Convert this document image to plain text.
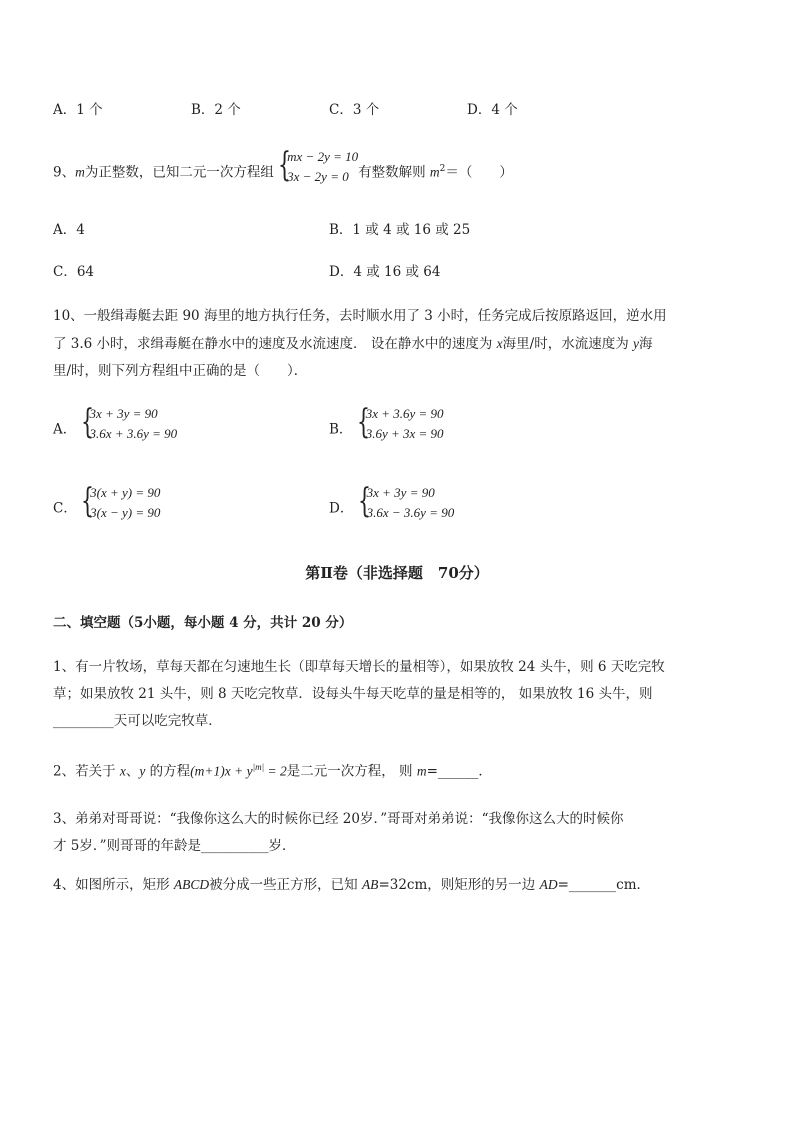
A．1 个	B．2 个	C．3 个	D．4 个
9、m为正整数，已知二元一次方程组 {
mx − 2y = 10
3x − 2y = 0 有整数解则 $m^2=$（　　）
A．4	B．1 或 4 或 16 或 25
C．64	D．4 或 16 或 64
10、一般缉毒艇去距 90 海里的地方执行任务，去时顺水用了 3 小时，任务完成后按原路返回，逆水用
了 3.6 小时，求缉毒艇在静水中的速度及水流速度． 设在静水中的速度为 x海里/时，水流速度为 y海
里/时，则下列方程组中正确的是（　　）．
A． {
3x + 3y = 90
3.6x + 3.6y = 90	B． {
3x + 3.6y = 90
3.6y + 3x = 90
C． {
3(x + y) = 90
3(x − y) = 90	D． {
3x + 3y = 90
3.6x − 3.6y = 90
第Ⅱ卷（非选择题　70分）
二、填空题（5小题，每小题 4 分，共计 20 分）
1、有一片牧场，草每天都在匀速地生长（即草每天增长的量相等），如果放牧 24 头牛，则 6 天吃完牧
草；如果放牧 21 头牛，则 8 天吃完牧草．设每头牛每天吃草的量是相等的， 如果放牧 16 头牛，则
_________天可以吃完牧草．
2、若关于 x、y 的方程$(m+1)x + y^{|m|} = 2$是二元一次方程， 则 m=______．
3、弟弟对哥哥说：“我像你这么大的时候你已经 20岁．”哥哥对弟弟说：“我像你这么大的时候你
才 5岁．”则哥哥的年龄是__________岁．
4、如图所示，矩形 ABCD被分成一些正方形，已知 AB=32cm，则矩形的另一边 AD=_______cm．
